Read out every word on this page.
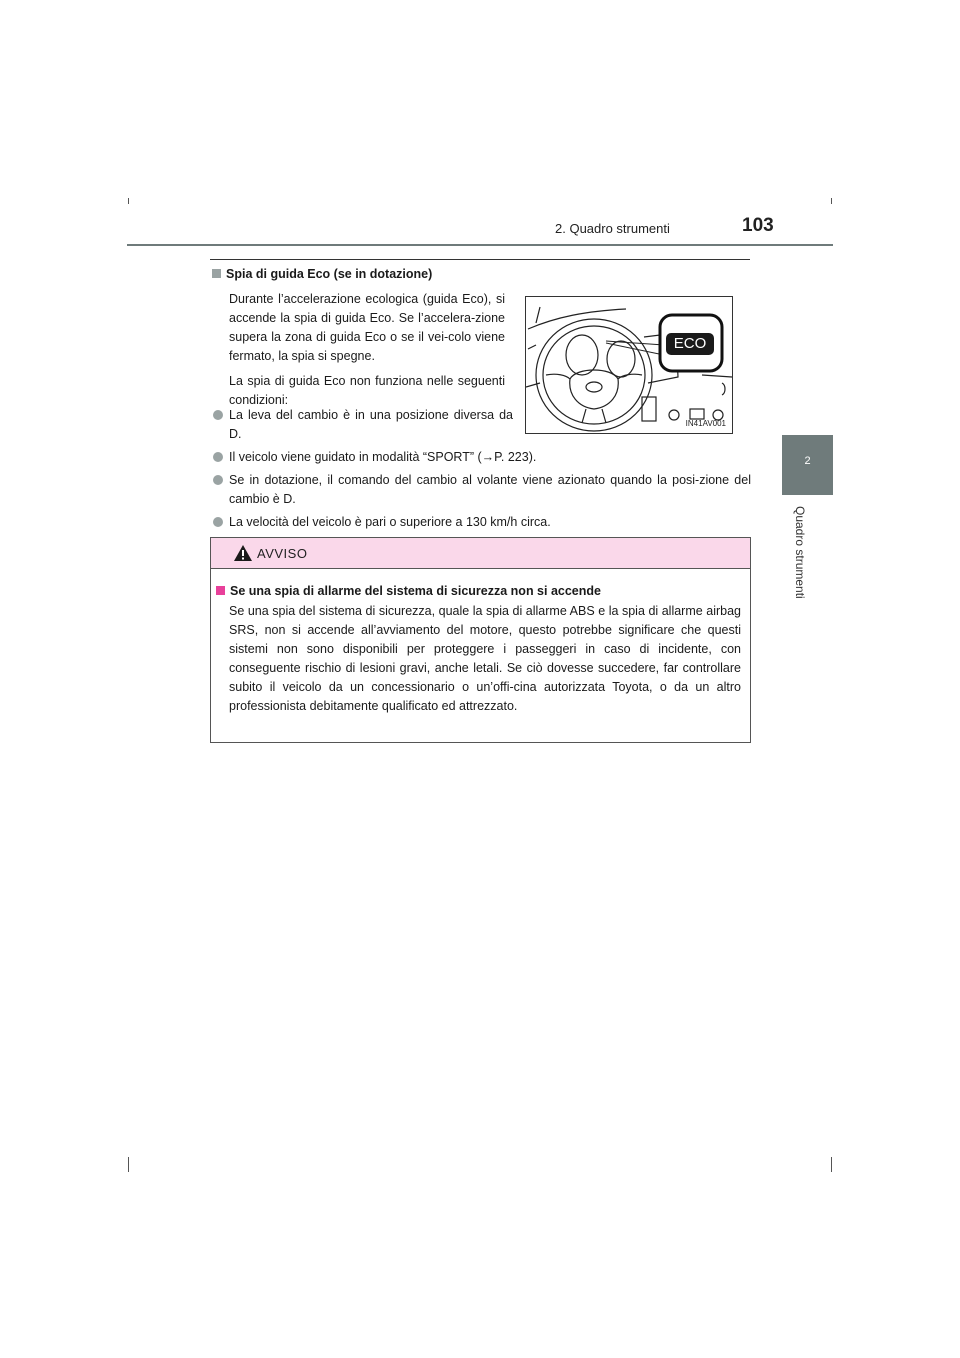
2. Quadro strumenti	103
2
Quadro strumenti
Spia di guida Eco (se in dotazione)

Durante l’accelerazione ecologica (guida Eco), si accende la spia di guida Eco. Se l’accelera-zione supera la zona di guida Eco o se il vei-colo viene fermato, la spia si spegne.

La spia di guida Eco non funziona nelle seguenti condizioni:

La leva del cambio è in una posizione diversa da D.
Il veicolo viene guidato in modalità “SPORT” (→P. 223).
Se in dotazione, il comando del cambio al volante viene azionato quando la posi-zione del cambio è D.
La velocità del veicolo è pari o superiore a 130 km/h circa.
ECO
IN41AV001
AVVISO
Se una spia di allarme del sistema di sicurezza non si accende
Se una spia del sistema di sicurezza, quale la spia di allarme ABS e la spia di allarme airbag SRS, non si accende all’avviamento del motore, questo potrebbe significare che questi sistemi non sono disponibili per proteggere i passeggeri in caso di incidente, con conseguente rischio di lesioni gravi, anche letali. Se ciò dovesse succedere, far controllare subito il veicolo da un concessionario o un’offi-cina autorizzata Toyota, o da un altro professionista debitamente qualificato ed attrezzato.
